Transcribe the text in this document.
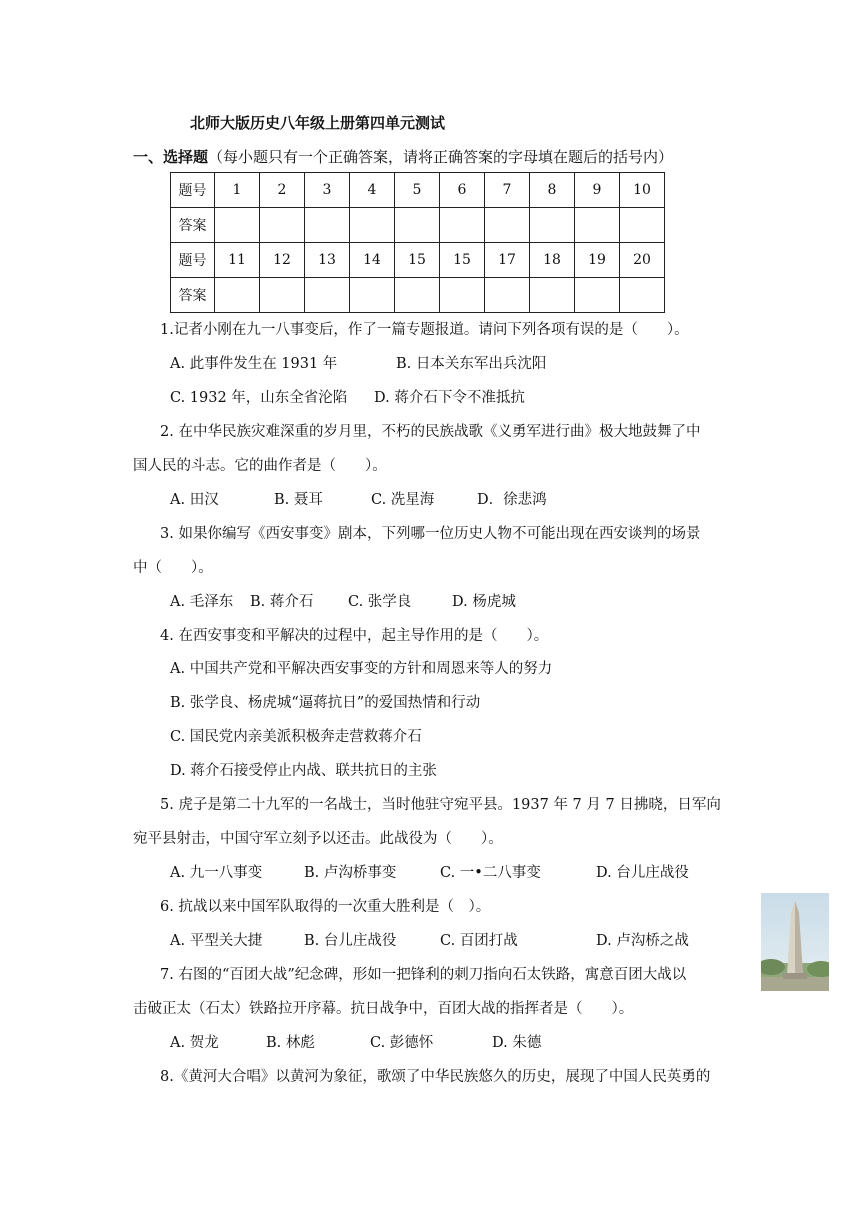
北师大版历史八年级上册第四单元测试
一、选择题（每小题只有一个正确答案，请将正确答案的字母填在题后的括号内）
题号	1	2	3	4	5	6	7	8	9	10
答案										
题号	11	12	13	14	15	15	17	18	19	20
答案										
1.记者小刚在九一八事变后，作了一篇专题报道。请问下列各项有误的是（　　）。
A. 此事件发生在 1931 年	B. 日本关东军出兵沈阳
C. 1932 年，山东全省沦陷 D. 蒋介石下令不准抵抗
2. 在中华民族灾难深重的岁月里，不朽的民族战歌《义勇军进行曲》极大地鼓舞了中
国人民的斗志。它的曲作者是（　　）。
A. 田汉	B. 聂耳	C. 冼星海	D．徐悲鸿
3. 如果你编写《西安事变》剧本，下列哪一位历史人物不可能出现在西安谈判的场景
中（　　）。
A. 毛泽东 B. 蒋介石 C. 张学良	D. 杨虎城
4. 在西安事变和平解决的过程中，起主导作用的是（　　）。
A. 中国共产党和平解决西安事变的方针和周恩来等人的努力
B. 张学良、杨虎城“逼蒋抗日”的爱国热情和行动
C. 国民党内亲美派积极奔走营救蒋介石
D. 蒋介石接受停止内战、联共抗日的主张
5. 虎子是第二十九军的一名战士，当时他驻守宛平县。1937 年 7 月 7 日拂晓，日军向
宛平县射击，中国守军立刻予以还击。此战役为（　　）。
A. 九一八事变	B. 卢沟桥事变	C. 一•二八事变	D. 台儿庄战役
6. 抗战以来中国军队取得的一次重大胜利是（　）。
A. 平型关大捷	B. 台儿庄战役	C. 百团打战	D. 卢沟桥之战
7. 右图的“百团大战”纪念碑，形如一把锋利的刺刀指向石太铁路，寓意百团大战以
击破正太（石太）铁路拉开序幕。抗日战争中，百团大战的指挥者是（　　）。
A. 贺龙	B. 林彪	C. 彭德怀	D. 朱德
8.《黄河大合唱》以黄河为象征，歌颂了中华民族悠久的历史，展现了中国人民英勇的
